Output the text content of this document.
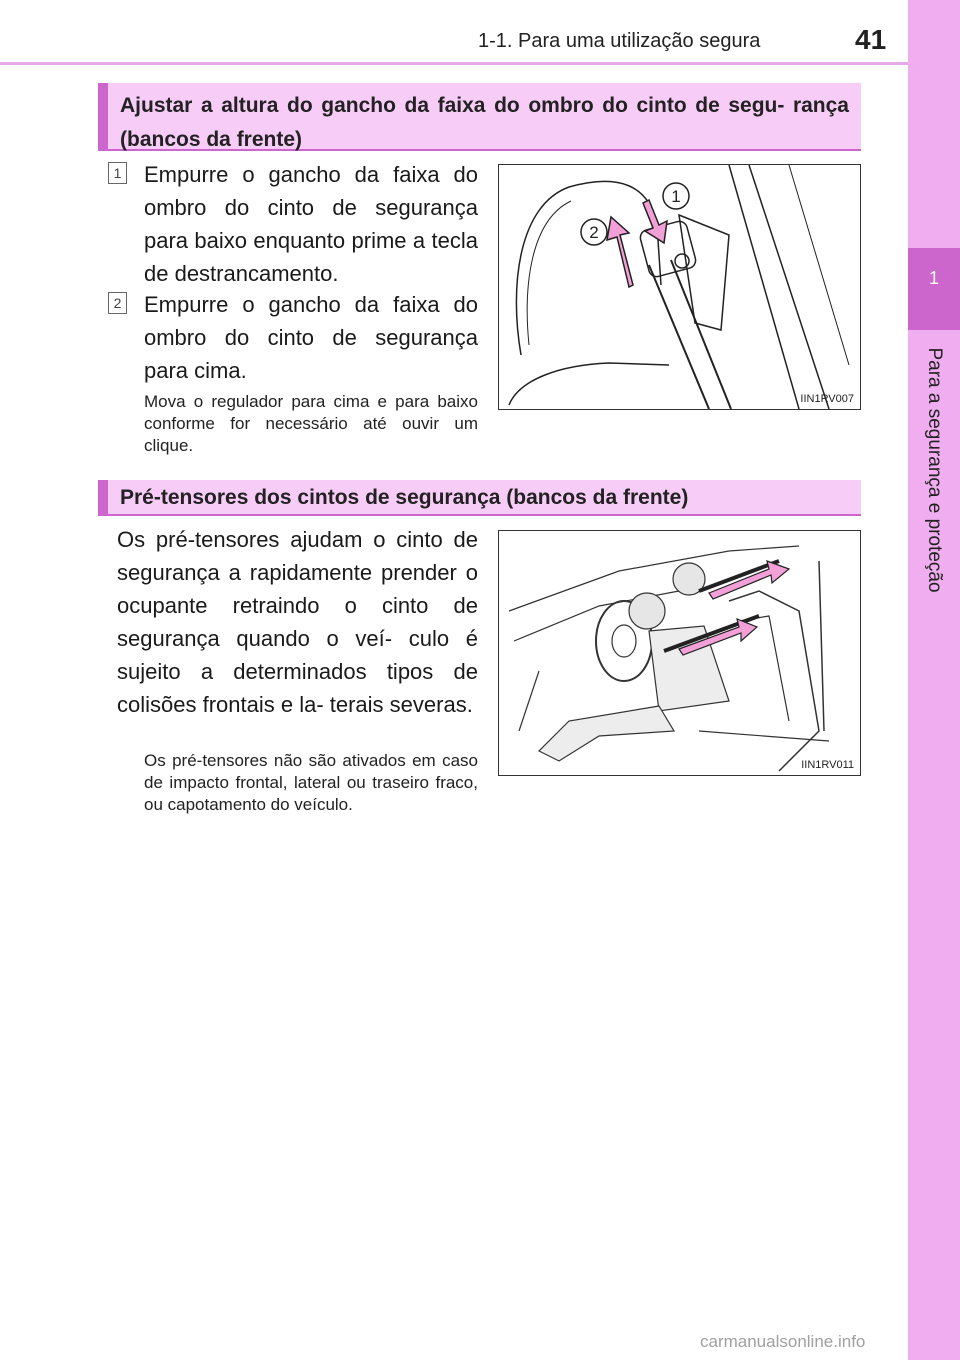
1-1. Para uma utilização segura	41
1
Para a segurança e proteção
Ajustar a altura do gancho da faixa do ombro do cinto de segu- rança (bancos da frente)
1 Empurre o gancho da faixa do ombro do cinto de segurança para baixo enquanto prime a tecla de destrancamento.
2 Empurre o gancho da faixa do ombro do cinto de segurança para cima.
Mova o regulador para cima e para baixo conforme for necessário até ouvir um clique.
1
2
IIN1RV007
Pré-tensores dos cintos de segurança (bancos da frente)
Os pré-tensores ajudam o cinto de segurança a rapidamente prender o ocupante retraindo o cinto de segurança quando o veí- culo é sujeito a determinados tipos de colisões frontais e la- terais severas.
Os pré-tensores não são ativados em caso de impacto frontal, lateral ou traseiro fraco, ou capotamento do veículo.
IIN1RV011
carmanualsonline.info
